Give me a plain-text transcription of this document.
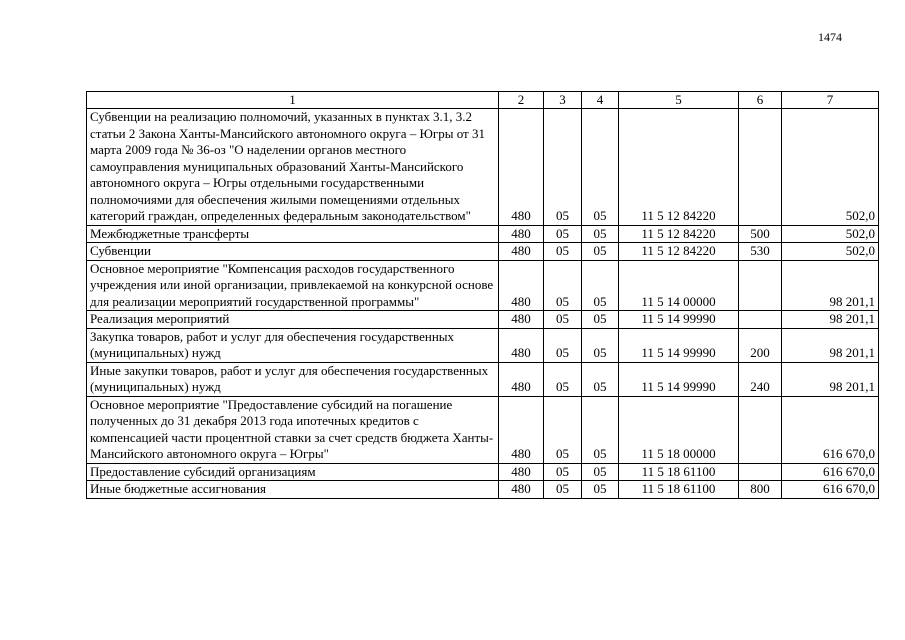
1474
1	2	3	4	5	6	7
Субвенции на реализацию полномочий, указанных в пунктах 3.1, 3.2 статьи 2 Закона Ханты-Мансийского автономного округа – Югры от 31 марта 2009 года № 36-оз "О наделении органов местного самоуправления муниципальных образований Ханты-Мансийского автономного округа – Югры отдельными государственными полномочиями для обеспечения жилыми помещениями отдельных категорий граждан, определенных федеральным законодательством"	480	05	05	11 5 12 84220		502,0
Межбюджетные трансферты	480	05	05	11 5 12 84220	500	502,0
Субвенции	480	05	05	11 5 12 84220	530	502,0
Основное мероприятие "Компенсация расходов государственного учреждения или иной организации, привлекаемой на конкурсной основе для реализации мероприятий государственной программы"	480	05	05	11 5 14 00000		98 201,1
Реализация мероприятий	480	05	05	11 5 14 99990		98 201,1
Закупка товаров, работ и услуг для обеспечения государственных (муниципальных) нужд	480	05	05	11 5 14 99990	200	98 201,1
Иные закупки товаров, работ и услуг для обеспечения государственных (муниципальных) нужд	480	05	05	11 5 14 99990	240	98 201,1
Основное мероприятие "Предоставление субсидий на погашение полученных до 31 декабря 2013 года ипотечных кредитов с компенсацией части процентной ставки за счет средств бюджета Ханты-Мансийского автономного округа – Югры"	480	05	05	11 5 18 00000		616 670,0
Предоставление субсидий организациям	480	05	05	11 5 18 61100		616 670,0
Иные бюджетные ассигнования	480	05	05	11 5 18 61100	800	616 670,0
